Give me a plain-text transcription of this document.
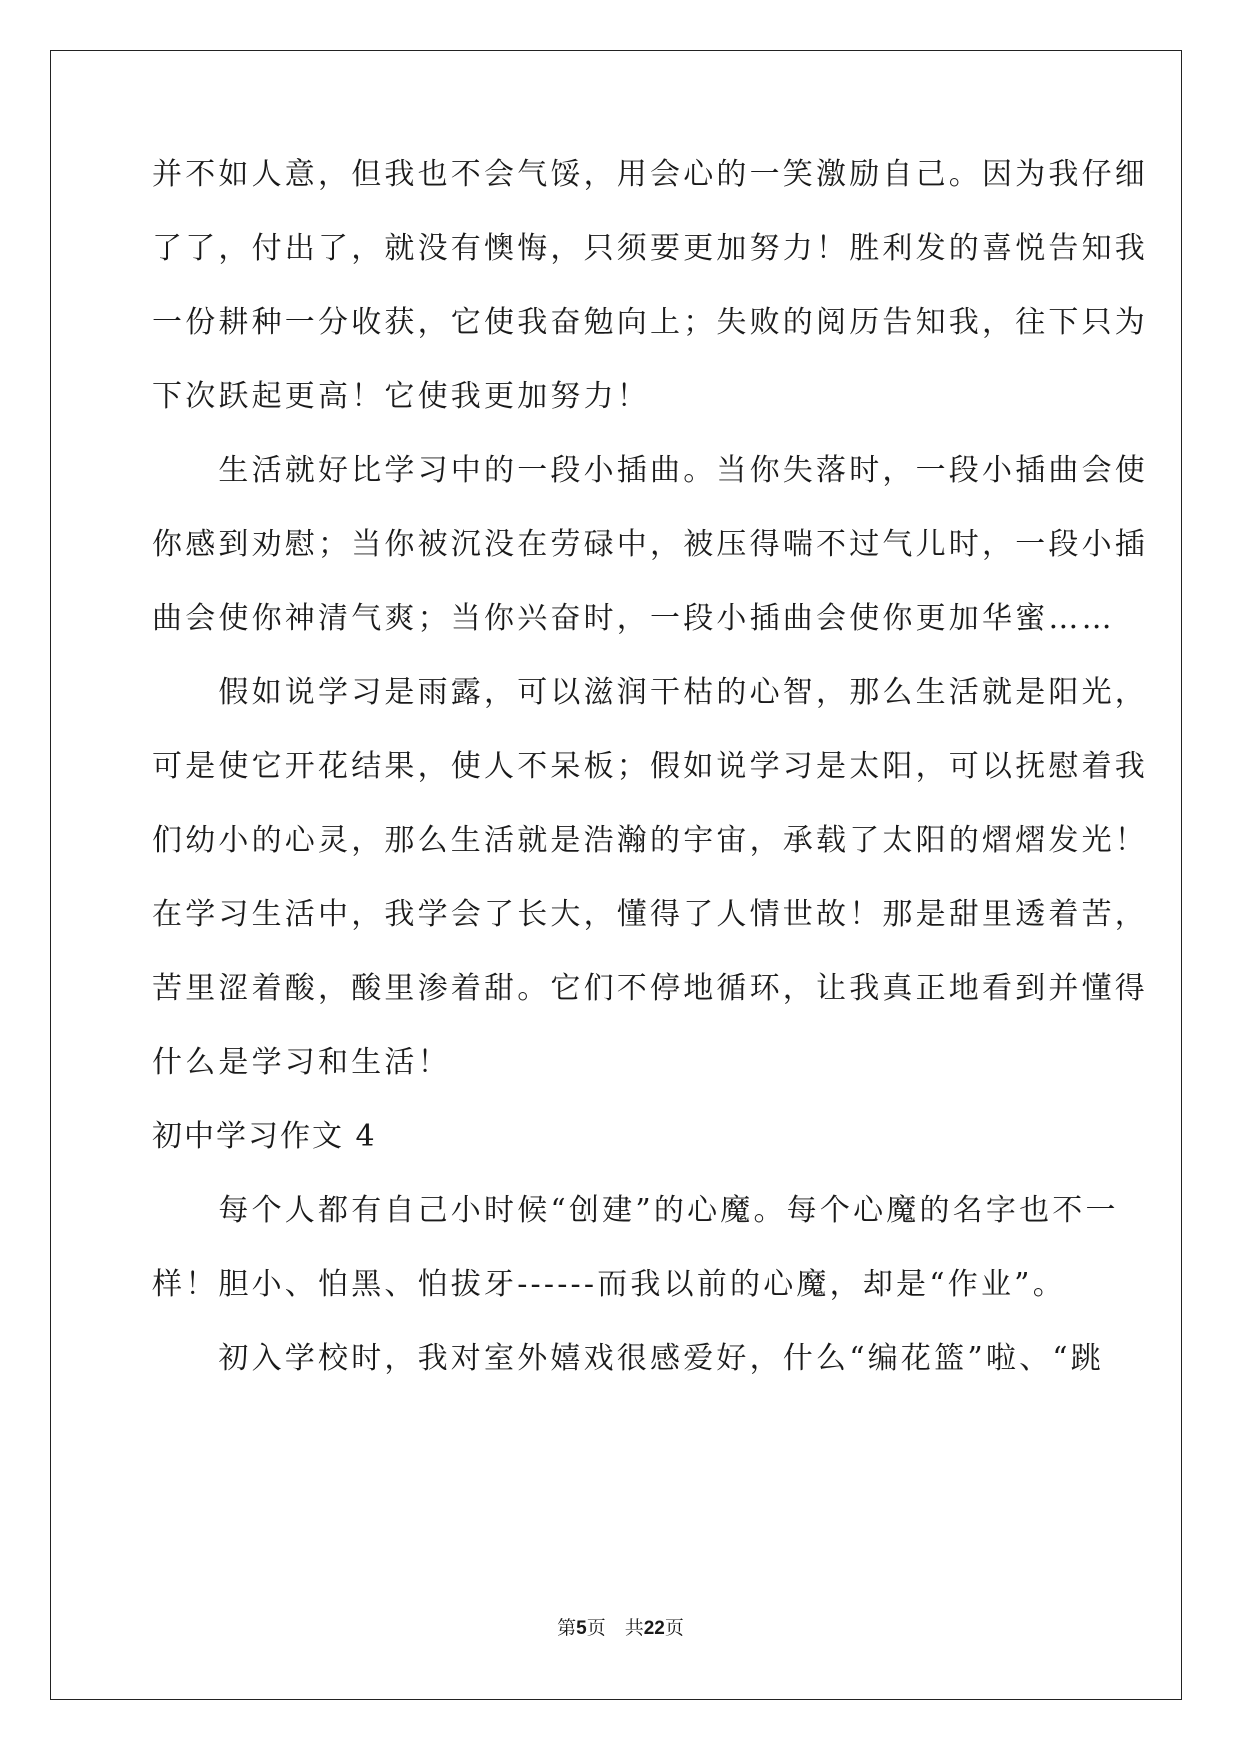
并不如人意，但我也不会气馁，用会心的一笑激励自己。因为我仔细
了了，付出了，就没有懊悔，只须要更加努力！胜利发的喜悦告知我
一份耕种一分收获，它使我奋勉向上；失败的阅历告知我，往下只为
下次跃起更高！它使我更加努力！
　　生活就好比学习中的一段小插曲。当你失落时，一段小插曲会使
你感到劝慰；当你被沉没在劳碌中，被压得喘不过气儿时，一段小插
曲会使你神清气爽；当你兴奋时，一段小插曲会使你更加华蜜……
　　假如说学习是雨露，可以滋润干枯的心智，那么生活就是阳光，
可是使它开花结果，使人不呆板；假如说学习是太阳，可以抚慰着我
们幼小的心灵，那么生活就是浩瀚的宇宙，承载了太阳的熠熠发光！
在学习生活中，我学会了长大，懂得了人情世故！那是甜里透着苦，
苦里涩着酸，酸里渗着甜。它们不停地循环，让我真正地看到并懂得
什么是学习和生活！
初中学习作文 4
　　每个人都有自己小时候“创建”的心魔。每个心魔的名字也不一
样！胆小、怕黑、怕拔牙------而我以前的心魔，却是“作业”。
　　初入学校时，我对室外嬉戏很感爱好，什么“编花篮”啦、“跳
第5页　共22页
